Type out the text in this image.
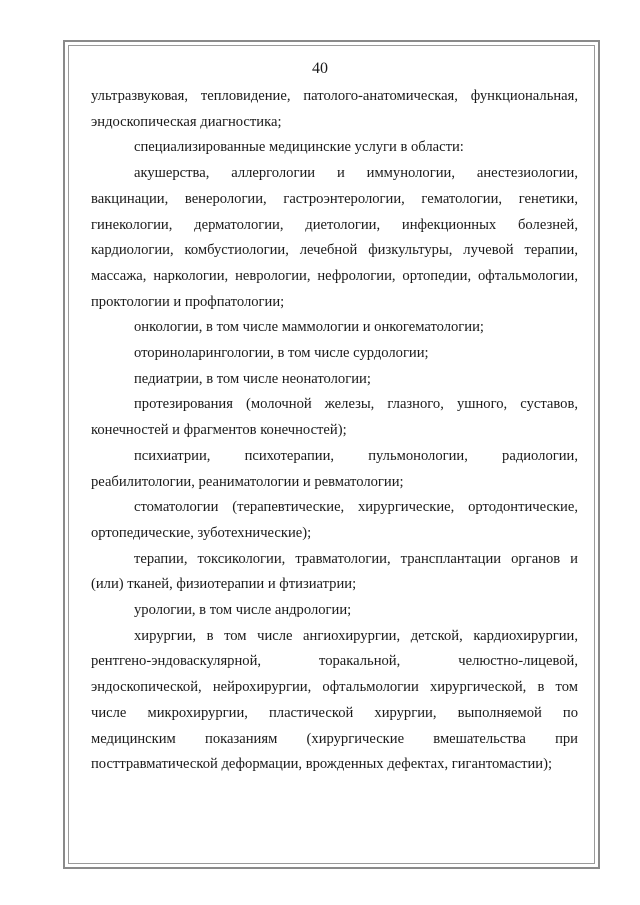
40

ультразвуковая, тепловидение, патолого-анатомическая, функциональная, эндоскопическая диагностика;

специализированные медицинские услуги в области:

акушерства, аллергологии и иммунологии, анестезиологии, вакцинации, венерологии, гастроэнтерологии, гематологии, генетики, гинекологии, дерматологии, диетологии, инфекционных болезней, кардиологии, комбустиологии, лечебной физкультуры, лучевой терапии, массажа, наркологии, неврологии, нефрологии, ортопедии, офтальмологии, проктологии и профпатологии;

онкологии, в том числе маммологии и онкогематологии;

оториноларингологии, в том числе сурдологии;

педиатрии, в том числе неонатологии;

протезирования (молочной железы, глазного, ушного, суставов, конечностей и фрагментов конечностей);

психиатрии, психотерапии, пульмонологии, радиологии, реабилитологии, реаниматологии и ревматологии;

стоматологии (терапевтические, хирургические, ортодонтические, ортопедические, зуботехнические);

терапии, токсикологии, травматологии, трансплантации органов и (или) тканей, физиотерапии и фтизиатрии;

урологии, в том числе андрологии;

хирургии, в том числе ангиохирургии, детской, кардиохирургии, рентгено-эндоваскулярной, торакальной, челюстно-лицевой, эндоскопической, нейрохирургии, офтальмологии хирургической, в том числе микрохирургии, пластической хирургии, выполняемой по медицинским показаниям (хирургические вмешательства при посттравматической деформации, врожденных дефектах, гигантомастии);
